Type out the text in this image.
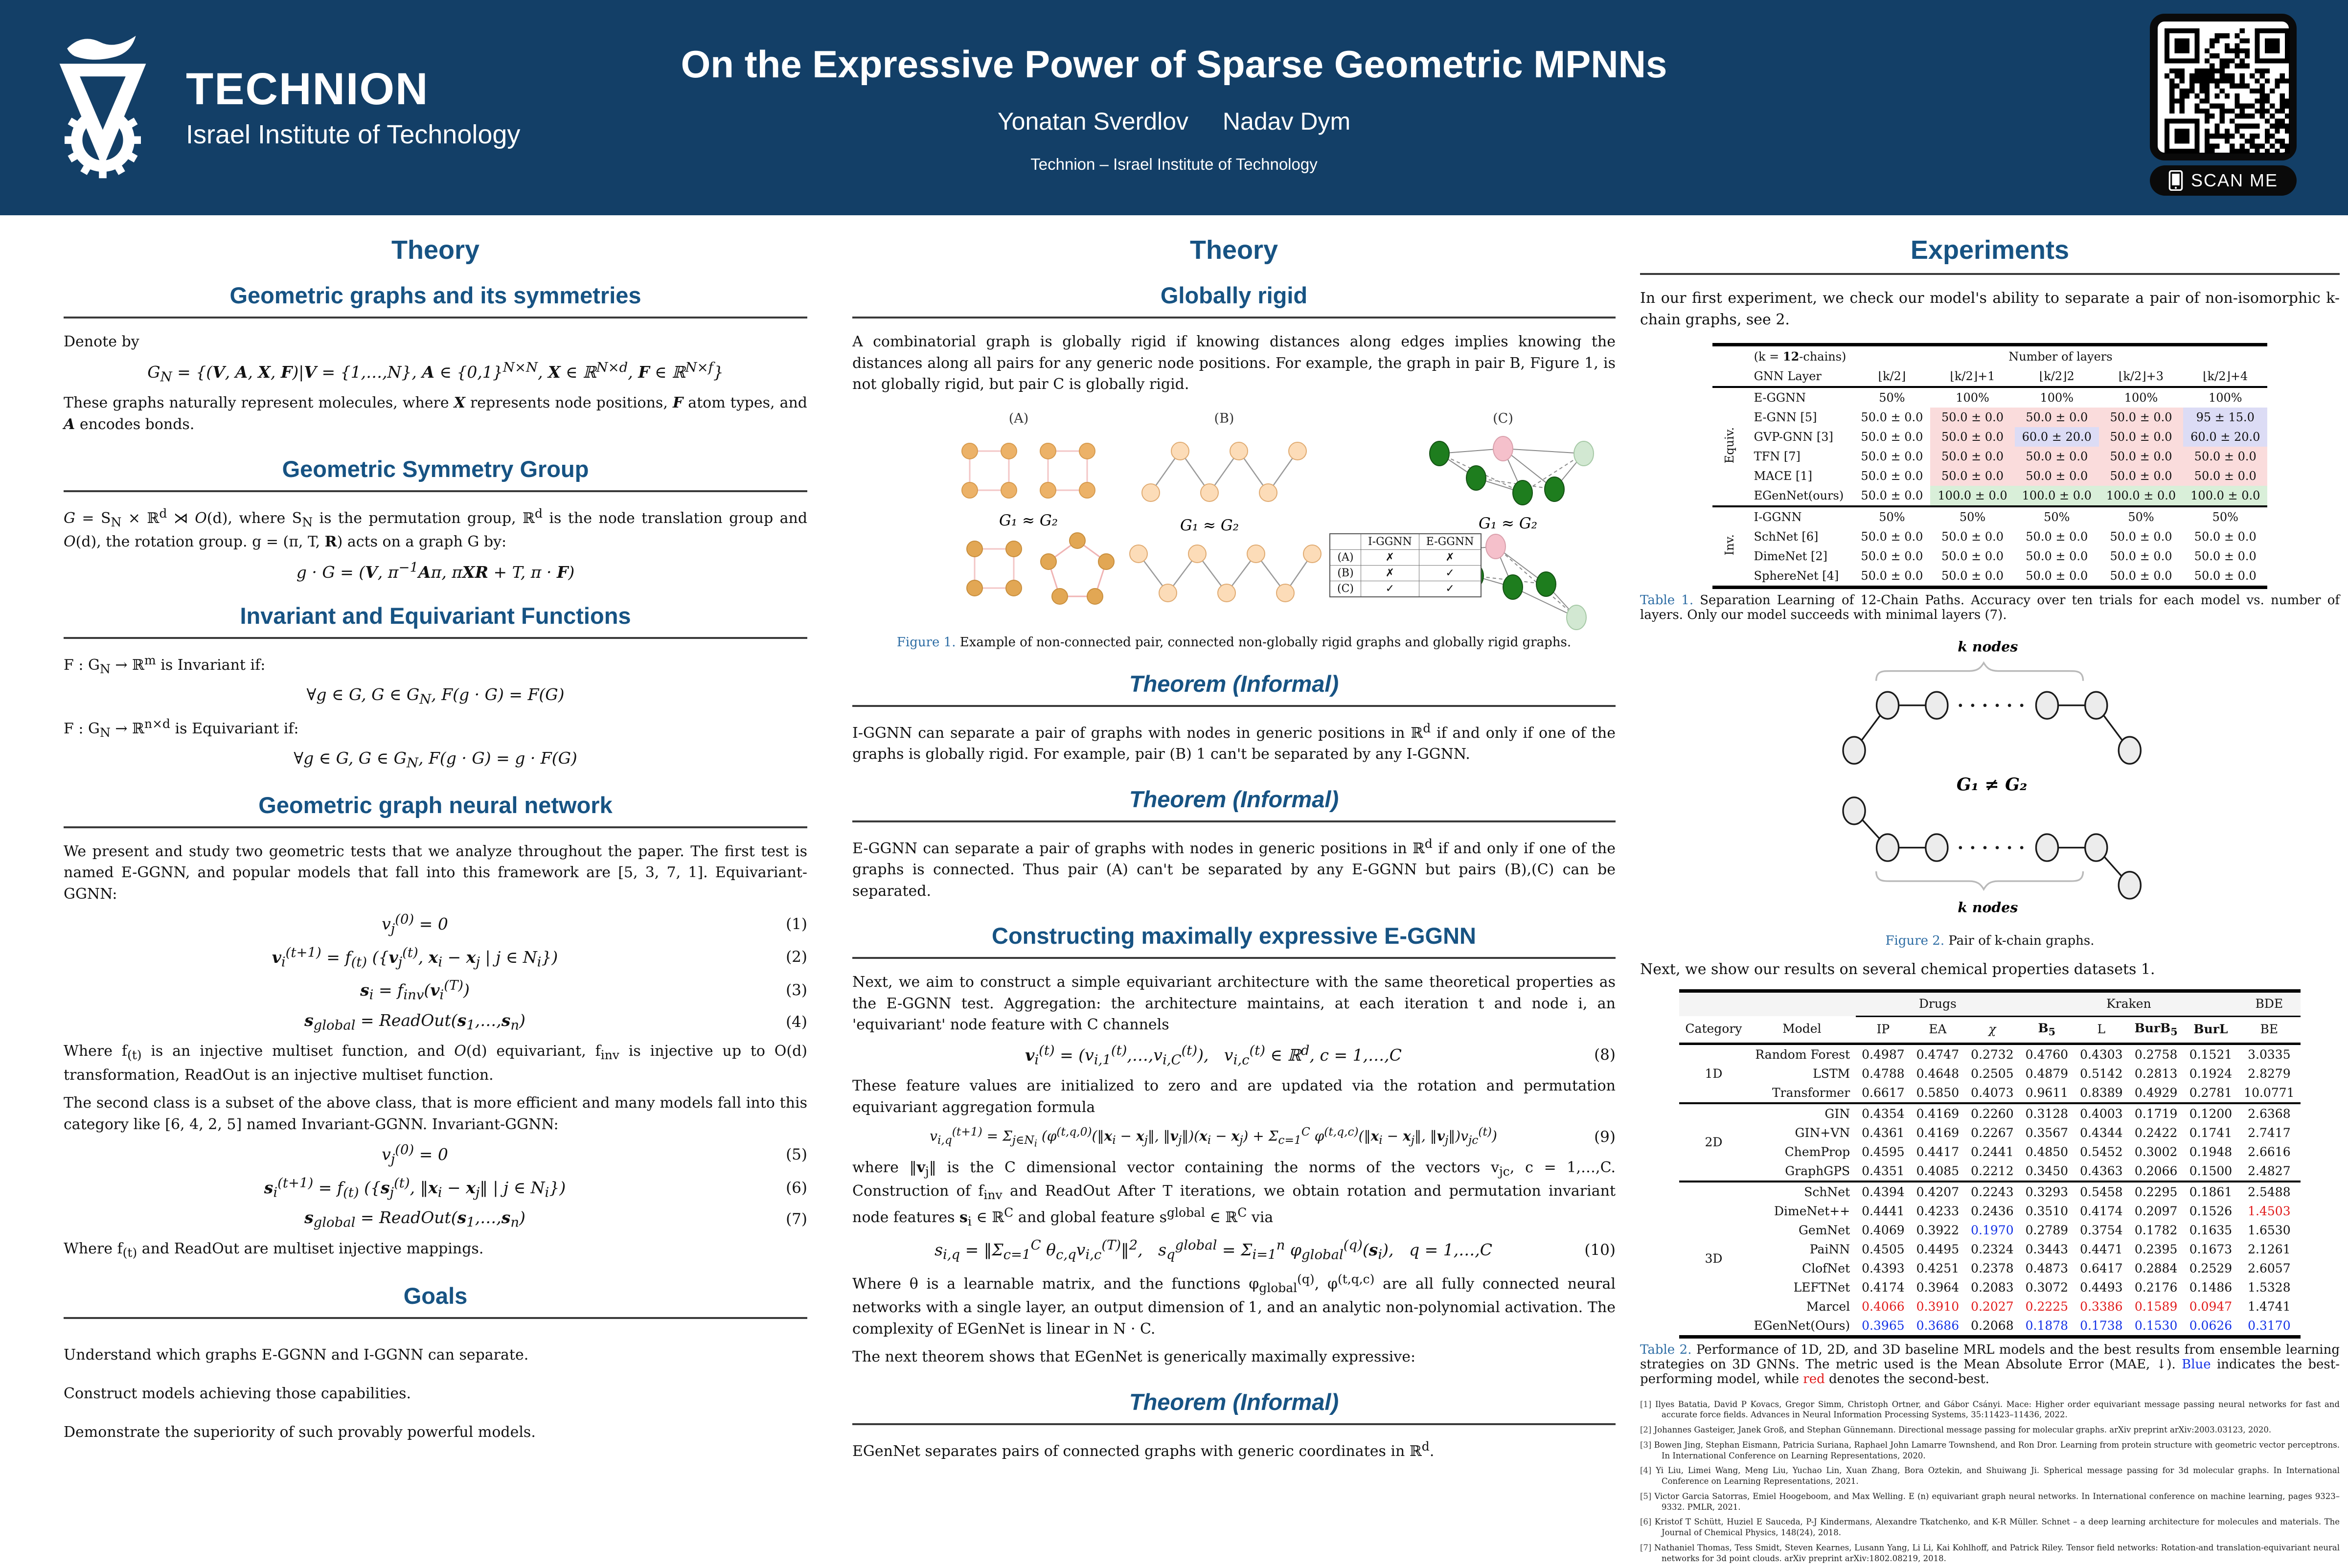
TECHNION
Israel Institute of Technology
On the Expressive Power of Sparse Geometric MPNNs
Yonatan Sverdlov Nadav Dym
Technion – Israel Institute of Technology
SCAN ME
Theory
Geometric graphs and its symmetries

Denote by

$G_N = \{(V$, A, X, F)|V = {1,…,N}, A ∈ $\{0,1\}^{N\times N}$, X ∈ ℝ$^{N\times d}$, F ∈ ℝ$^{N\times f}$}

These graphs naturally represent molecules, where X represents node positions, F atom types, and A encodes bonds.

Geometric Symmetry Group

$G = S_N$ × ℝ$^d$ ⋊ O(d), where $S_N$ is the permutation group, ℝ$^d$ is the node translation group and O(d), the rotation group. g = (π, T, R) acts on a graph G by:

g · G = (V, $\pi^{-1}A\pi$, πXR + T, π · F)
Invariant and Equivariant Functions

F : $G_N$ → ℝ$^m$ is Invariant if:

∀g ∈ G, G ∈ $G_N$, F(g · G) = F(G)

F : $G_N$ → ℝ$^{n\times d}$ is Equivariant if:

∀g ∈ G, G ∈ $G_N$, F(g · G) = g · F(G)
Geometric graph neural network

We present and study two geometric tests that we analyze throughout the paper. The first test is named E-GGNN, and popular models that fall into this framework are [5, 3, 7, 1]. Equivariant-GGNN:

$v_j^{(0)} = 0$	(1)
$v_i^{(t+1)} = f_{(t)}$ ({$v_j^{(t)}$, $x_i - x_j$ | j ∈ $N_i$})	(2)
$s_i = f_{inv}(v_i^{(T)})$	(3)
$s_{global}$ = $ReadOut(s_1,\dots,s_n)$	(4)

Where $f_{(t)}$ is an injective multiset function, and O(d) equivariant, $f_{inv}$ is injective up to O(d) transformation, ReadOut is an injective multiset function.

The second class is a subset of the above class, that is more efficient and many models fall into this category like [6, 4, 2, 5] named Invariant-GGNN. Invariant-GGNN:

$v_j^{(0)} = 0$	(5)
$s_i^{(t+1)} = f_{(t)}$ ({$s_j^{(t)}$, $‖x_i$ − $x_j‖$ | j ∈ $N_i$})	(6)
$s_{global}$ = $ReadOut(s_1,\dots,s_n)$	(7)

Where $f_{(t)}$ and ReadOut are multiset injective mappings.

Goals

Understand which graphs E-GGNN and I-GGNN can separate.

Construct models achieving those capabilities.

Demonstrate the superiority of such provably powerful models.

Theory
Globally rigid

A combinatorial graph is globally rigid if knowing distances along edges implies knowing the distances along all pairs for any generic node positions. For example, the graph in pair B, Figure 1, is not globally rigid, but pair C is globally rigid.

(A)	(B)	(C)
G₁ ≈ G₂	G₁ ≈ G₂	G₁ ≈ G₂
	I-GGNN	E-GGNN
(A)	✗	✗
(B)	✗	✓
(C)	✓	✓

Figure 1. Example of non-connected pair, connected non-globally rigid graphs and globally rigid graphs.

Theorem (Informal)

I-GGNN can separate a pair of graphs with nodes in generic positions in ℝ$^d$ if and only if one of the graphs is globally rigid. For example, pair (B) 1 can't be separated by any I-GGNN.

Theorem (Informal)

E-GGNN can separate a pair of graphs with nodes in generic positions in ℝ$^d$ if and only if one of the graphs is connected. Thus pair (A) can't be separated by any E-GGNN but pairs (B),(C) can be separated.

Constructing maximally expressive E-GGNN

Next, we aim to construct a simple equivariant architecture with the same theoretical properties as the E-GGNN test. Aggregation: the architecture maintains, at each iteration t and node i, an 'equivariant' node feature with C channels

$v_i^{(t)}$ = $(v_{i,1}^{(t)},\dots,v_{i,C}^{(t)})$,   $v_{i,c}^{(t)}$ ∈ ℝ$^d$, c = 1,…,C	(8)

These feature values are initialized to zero and are updated via the rotation and permutation equivariant aggregation formula

$v_{i,q}^{(t+1)} = \Sigma_{j\in N_i}$ ($\varphi^{(t,q,0)}(‖x_i$ − $x_j‖$, $‖v_j‖)(x_i - x_j) + \Sigma_{c=1}^C$ $\varphi^{(t,q,c)}(‖x_i$ − $x_j‖$, $‖v_j‖)v_{jc}^{(t)}$)	(9)

where $‖v_j‖$ is the C dimensional vector containing the norms of the vectors $v_{jc}$, c = 1,…,C. Construction of $f_{inv}$ and ReadOut After T iterations, we obtain rotation and permutation invariant node features $s_i$ ∈ ℝ$^C$ and global feature $s^{global}$ ∈ ℝ$^C$ via

$s_{i,q}$ = $‖\Sigma_{c=1}^C$ $\theta_{c,q}v_{i,c}^{(T)}‖^2$,   $s_q^{global} = \Sigma_{i=1}^n$ $\varphi_{global}^{(q)}(s_i)$,   q = 1,…,C	(10)

Where θ is a learnable matrix, and the functions $\varphi_{global}^{(q)}$, $\varphi^{(t,q,c)}$ are all fully connected neural networks with a single layer, an output dimension of 1, and an analytic non-polynomial activation. The complexity of EGenNet is linear in N · C.

The next theorem shows that EGenNet is generically maximally expressive:

Theorem (Informal)

EGenNet separates pairs of connected graphs with generic coordinates in ℝ$^d$.

Experiments

In our first experiment, we check our model's ability to separate a pair of non-isomorphic k-chain graphs, see 2.

	(k = 12-chains)	Number of layers				
	GNN Layer	⌊k/2⌋	⌊k/2⌋+1	⌊k/2⌋2	⌊k/2⌋+3	⌊k/2⌋+4
Equiv.	E-GGNN	50%	100%	100%	100%	100%
	E-GNN [5]	50.0 ± 0.0	50.0 ± 0.0	50.0 ± 0.0	50.0 ± 0.0	95 ± 15.0
	GVP-GNN [3]	50.0 ± 0.0	50.0 ± 0.0	60.0 ± 20.0	50.0 ± 0.0	60.0 ± 20.0
	TFN [7]	50.0 ± 0.0	50.0 ± 0.0	50.0 ± 0.0	50.0 ± 0.0	50.0 ± 0.0
	MACE [1]	50.0 ± 0.0	50.0 ± 0.0	50.0 ± 0.0	50.0 ± 0.0	50.0 ± 0.0
	EGenNet(ours)	50.0 ± 0.0	100.0 ± 0.0	100.0 ± 0.0	100.0 ± 0.0	100.0 ± 0.0
Inv.	I-GGNN	50%	50%	50%	50%	50%
	SchNet [6]	50.0 ± 0.0	50.0 ± 0.0	50.0 ± 0.0	50.0 ± 0.0	50.0 ± 0.0
	DimeNet [2]	50.0 ± 0.0	50.0 ± 0.0	50.0 ± 0.0	50.0 ± 0.0	50.0 ± 0.0
	SphereNet [4]	50.0 ± 0.0	50.0 ± 0.0	50.0 ± 0.0	50.0 ± 0.0	50.0 ± 0.0

Table 1. Separation Learning of 12-Chain Paths. Accuracy over ten trials for each model vs. number of layers. Only our model succeeds with minimal layers (7).

k nodes
G₁ ≠ G₂
k nodes

Figure 2. Pair of k-chain graphs.

Next, we show our results on several chemical properties datasets 1.

		Drugs			Kraken				BDE
Category	Model	IP	EA	χ	$B_5$	L	BurB$_5$	BurL	BE
1D	Random Forest	0.4987	0.4747	0.2732	0.4760	0.4303	0.2758	0.1521	3.0335
	LSTM	0.4788	0.4648	0.2505	0.4879	0.5142	0.2813	0.1924	2.8279
	Transformer	0.6617	0.5850	0.4073	0.9611	0.8389	0.4929	0.2781	10.0771
2D	GIN	0.4354	0.4169	0.2260	0.3128	0.4003	0.1719	0.1200	2.6368
	GIN+VN	0.4361	0.4169	0.2267	0.3567	0.4344	0.2422	0.1741	2.7417
	ChemProp	0.4595	0.4417	0.2441	0.4850	0.5452	0.3002	0.1948	2.6616
	GraphGPS	0.4351	0.4085	0.2212	0.3450	0.4363	0.2066	0.1500	2.4827
3D	SchNet	0.4394	0.4207	0.2243	0.3293	0.5458	0.2295	0.1861	2.5488
	DimeNet++	0.4441	0.4233	0.2436	0.3510	0.4174	0.2097	0.1526	1.4503
	GemNet	0.4069	0.3922	0.1970	0.2789	0.3754	0.1782	0.1635	1.6530
	PaiNN	0.4505	0.4495	0.2324	0.3443	0.4471	0.2395	0.1673	2.1261
	ClofNet	0.4393	0.4251	0.2378	0.4873	0.6417	0.2884	0.2529	2.6057
	LEFTNet	0.4174	0.3964	0.2083	0.3072	0.4493	0.2176	0.1486	1.5328
	Marcel	0.4066	0.3910	0.2027	0.2225	0.3386	0.1589	0.0947	1.4741
	EGenNet(Ours)	0.3965	0.3686	0.2068	0.1878	0.1738	0.1530	0.0626	0.3170

Table 2. Performance of 1D, 2D, and 3D baseline MRL models and the best results from ensemble learning strategies on 3D GNNs. The metric used is the Mean Absolute Error (MAE, ↓). Blue indicates the best-performing model, while red denotes the second-best.

[1] Ilyes Batatia, David P Kovacs, Gregor Simm, Christoph Ortner, and Gábor Csányi. Mace: Higher order equivariant message passing neural networks for fast and accurate force fields. Advances in Neural Information Processing Systems, 35:11423–11436, 2022.
[2] Johannes Gasteiger, Janek Groß, and Stephan Günnemann. Directional message passing for molecular graphs. arXiv preprint arXiv:2003.03123, 2020.
[3] Bowen Jing, Stephan Eismann, Patricia Suriana, Raphael John Lamarre Townshend, and Ron Dror. Learning from protein structure with geometric vector perceptrons. In International Conference on Learning Representations, 2020.
[4] Yi Liu, Limei Wang, Meng Liu, Yuchao Lin, Xuan Zhang, Bora Oztekin, and Shuiwang Ji. Spherical message passing for 3d molecular graphs. In International Conference on Learning Representations, 2021.
[5] Victor Garcia Satorras, Emiel Hoogeboom, and Max Welling. E (n) equivariant graph neural networks. In International conference on machine learning, pages 9323–9332. PMLR, 2021.
[6] Kristof T Schütt, Huziel E Sauceda, P-J Kindermans, Alexandre Tkatchenko, and K-R Müller. Schnet – a deep learning architecture for molecules and materials. The Journal of Chemical Physics, 148(24), 2018.
[7] Nathaniel Thomas, Tess Smidt, Steven Kearnes, Lusann Yang, Li Li, Kai Kohlhoff, and Patrick Riley. Tensor field networks: Rotation-and translation-equivariant neural networks for 3d point clouds. arXiv preprint arXiv:1802.08219, 2018.
